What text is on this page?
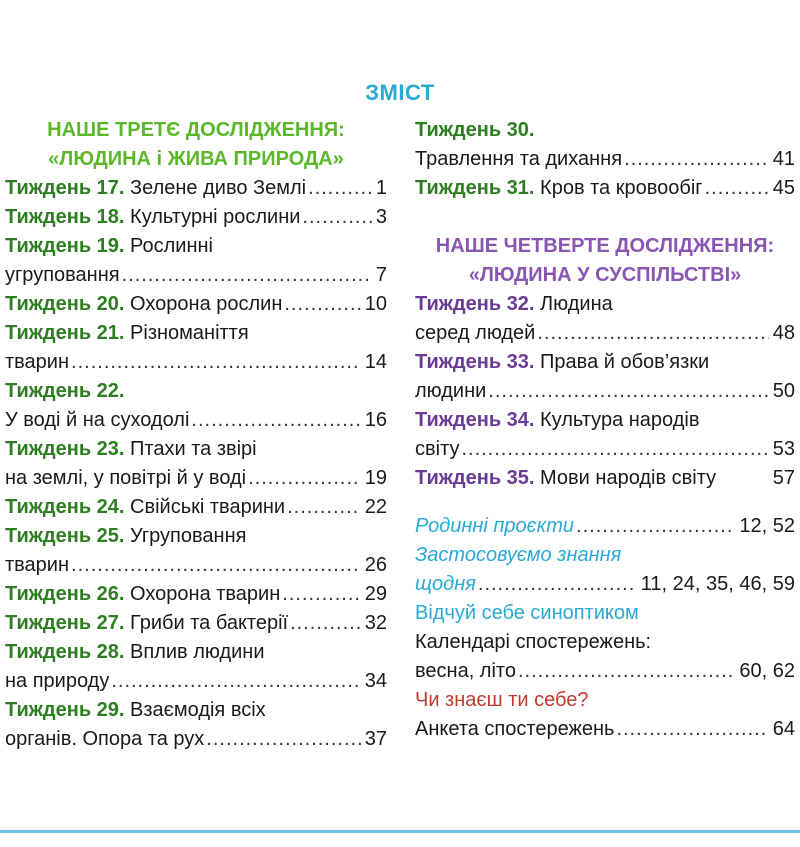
ЗМІСТ
НАШЕ ТРЕТЄ ДОСЛІДЖЕННЯ:
«ЛЮДИНА і ЖИВА ПРИРОДА»
Тиждень 17. Зелене диво Землі .....	1
Тиждень 18. Культурні рослини .....	3
Тиждень 19. Рослинні
угруповання .....	7
Тиждень 20. Охорона рослин .....	10
Тиждень 21. Різноманіття
тварин .....	14
Тиждень 22.
У воді й на суходолі .....	16
Тиждень 23. Птахи та звірі
на землі, у повітрі й у воді .....	19
Тиждень 24. Свійські тварини .....	22
Тиждень 25. Угруповання
тварин .....	26
Тиждень 26. Охорона тварин .....	29
Тиждень 27. Гриби та бактерії .....	32
Тиждень 28. Вплив людини
на природу .....	34
Тиждень 29. Взаємодія всіх
органів. Опора та рух .....	37
Тиждень 30.
Травлення та дихання .....	41
Тиждень 31. Кров та кровообіг .....	45
НАШЕ ЧЕТВЕРТЕ ДОСЛІДЖЕННЯ:
«ЛЮДИНА У СУСПІЛЬСТВІ»
Тиждень 32. Людина
серед людей .....	48
Тиждень 33. Права й обов’язки
людини .....	50
Тиждень 34. Культура народів
світу .....	53
Тиждень 35. Мови народів світу	57
Родинні проєкти .....	12, 52
Застосовуємо знання
щодня .....	11, 24, 35, 46, 59
Відчуй себе синоптиком
Календарі спостережень:
весна, літо .....	60, 62
Чи знаєш ти себе?
Анкета спостережень .....	64
